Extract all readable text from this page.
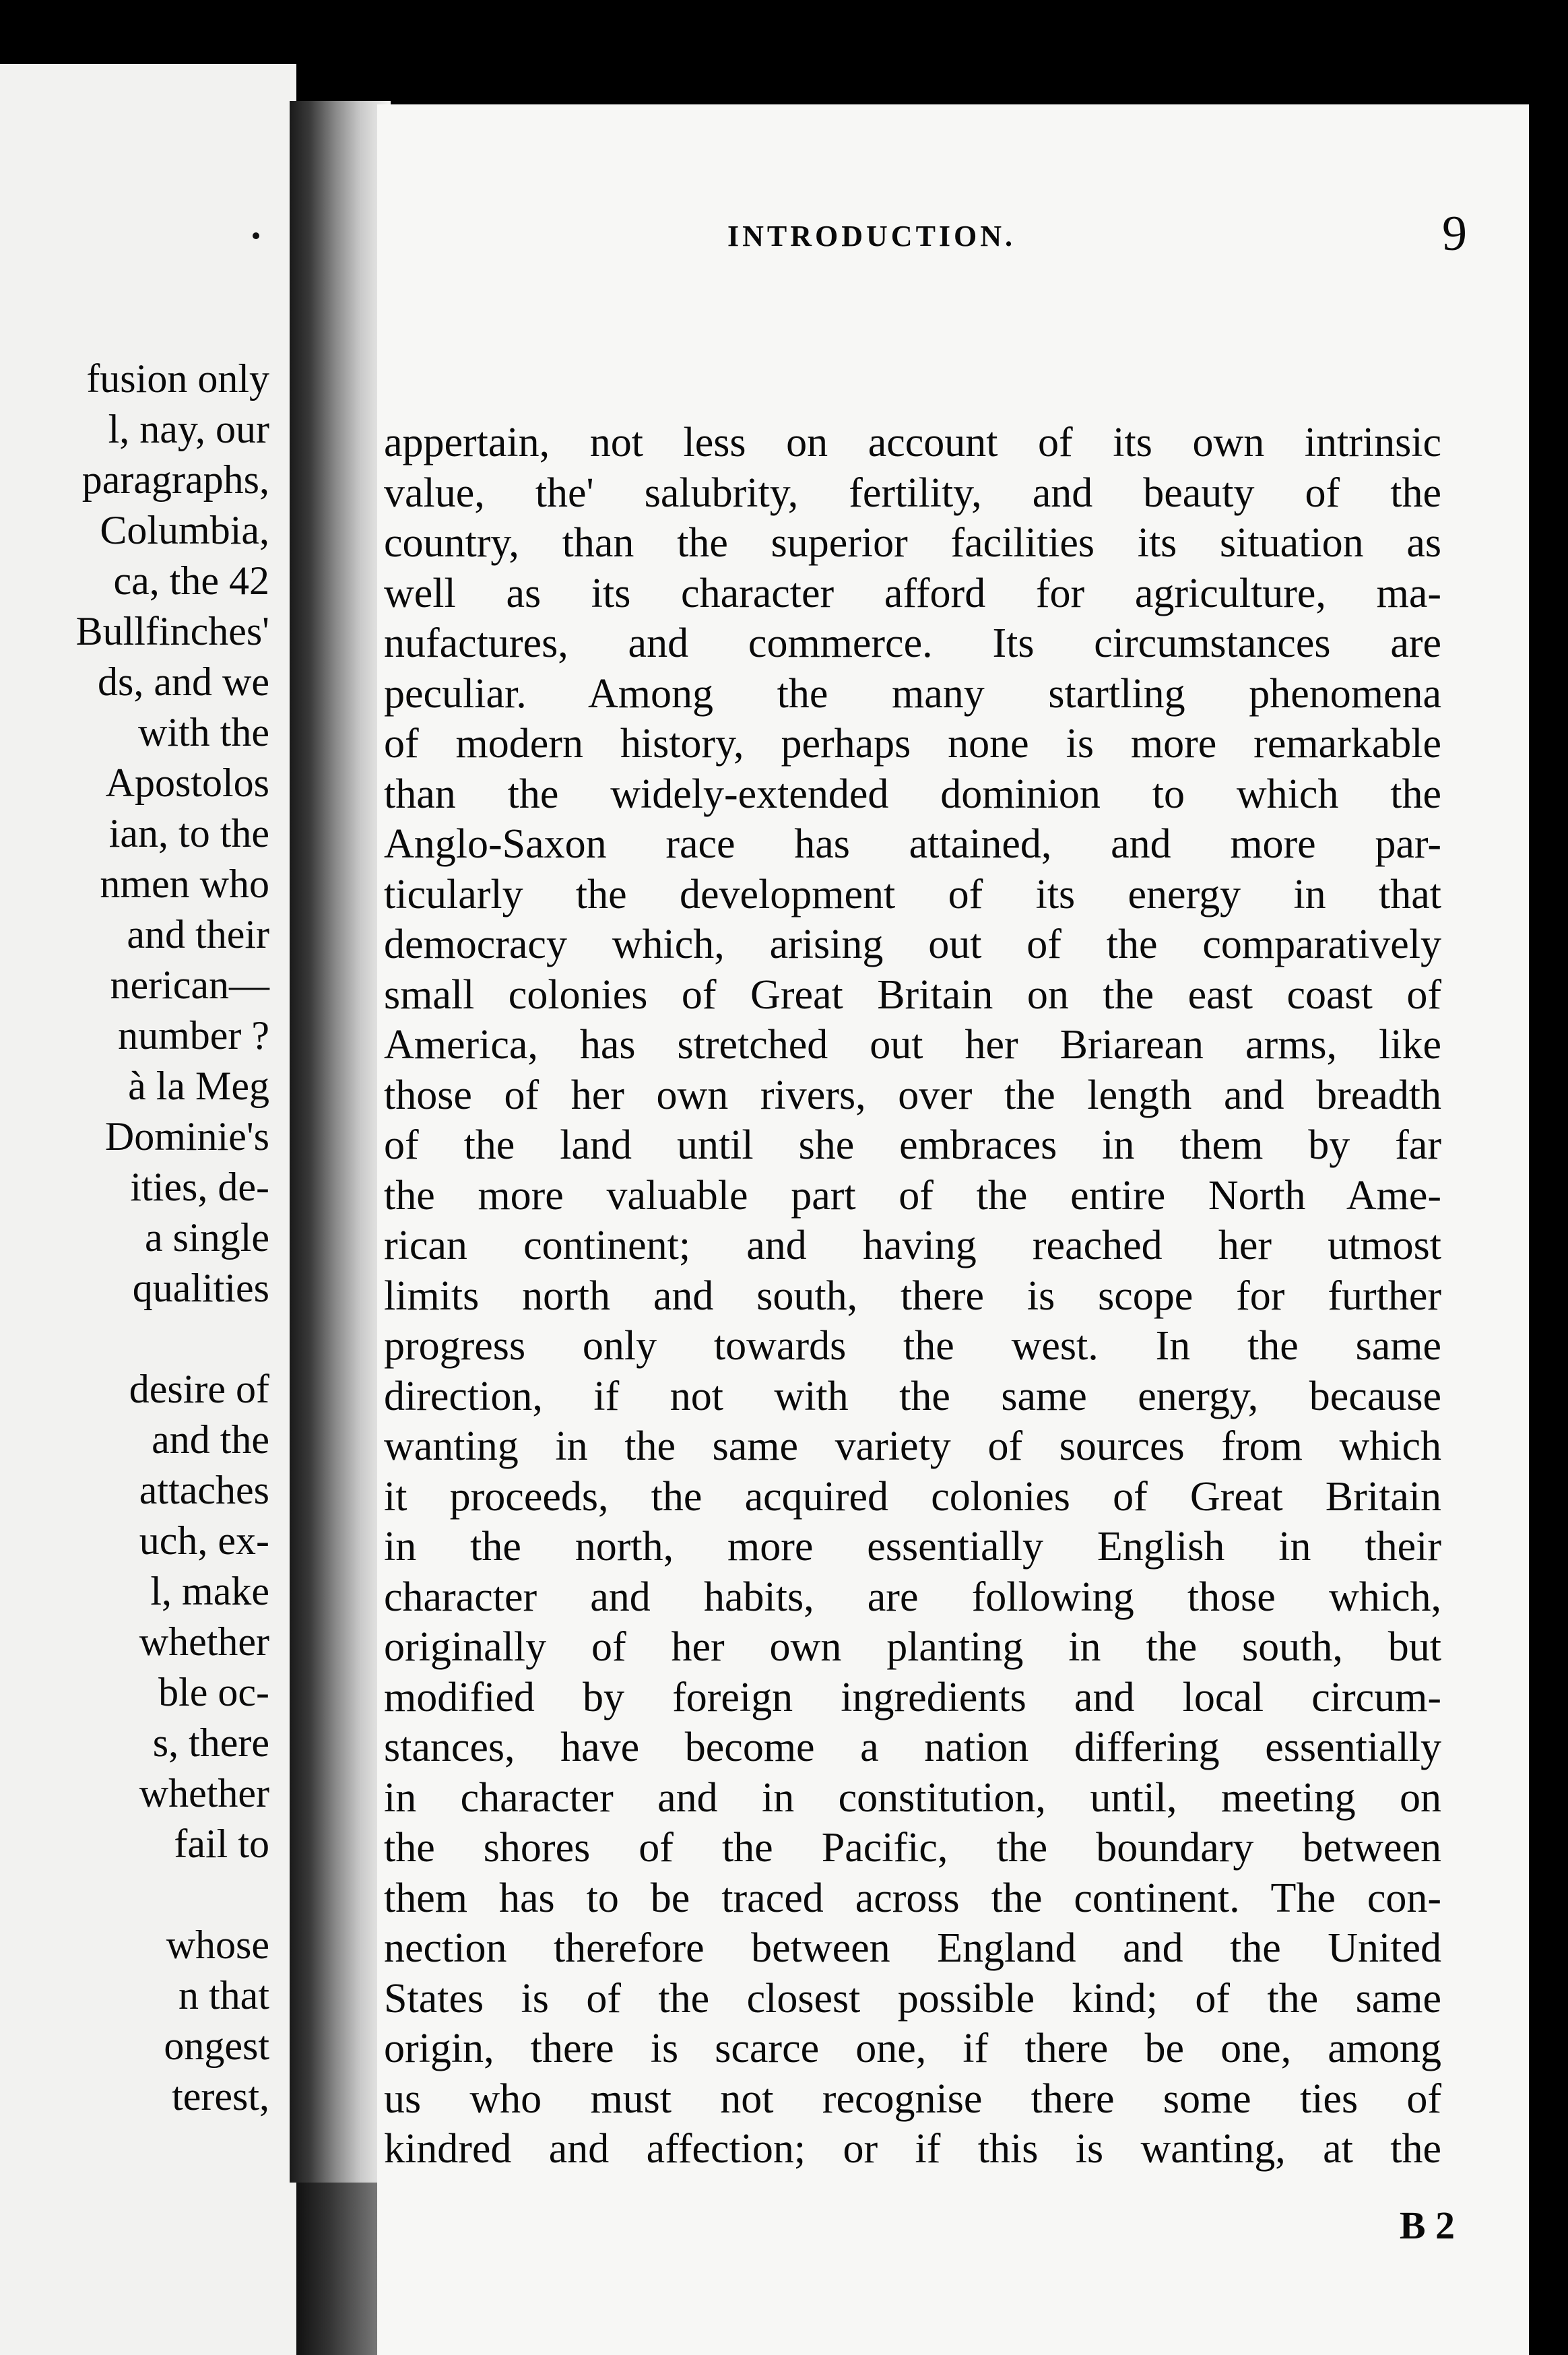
fusion only
l, nay, our
paragraphs,
Columbia,
ca, the 42
Bullfinches'
ds, and we
with the
Apostolos
ian, to the
nmen who
and their
nerican—
number ?
à la Meg
Dominie's
ities, de-
a single
qualities
desire of
and the
attaches
uch, ex-
l, make
whether
ble oc-
s, there
whether
fail to
whose
n that
ongest
terest,
INTRODUCTION.	9
appertain, not less on account of its own intrinsic
value, the' salubrity, fertility, and beauty of the
country, than the superior facilities its situation as
well as its character afford for agriculture, ma-
nufactures, and commerce. Its circumstances are
peculiar. Among the many startling phenomena
of modern history, perhaps none is more remarkable
than the widely-extended dominion to which the
Anglo-Saxon race has attained, and more par-
ticularly the development of its energy in that
democracy which, arising out of the comparatively
small colonies of Great Britain on the east coast of
America, has stretched out her Briarean arms, like
those of her own rivers, over the length and breadth
of the land until she embraces in them by far
the more valuable part of the entire North Ame-
rican continent; and having reached her utmost
limits north and south, there is scope for further
progress only towards the west. In the same
direction, if not with the same energy, because
wanting in the same variety of sources from which
it proceeds, the acquired colonies of Great Britain
in the north, more essentially English in their
character and habits, are following those which,
originally of her own planting in the south, but
modified by foreign ingredients and local circum-
stances, have become a nation differing essentially
in character and in constitution, until, meeting on
the shores of the Pacific, the boundary between
them has to be traced across the continent. The con-
nection therefore between England and the United
States is of the closest possible kind; of the same
origin, there is scarce one, if there be one, among
us who must not recognise there some ties of
kindred and affection; or if this is wanting, at the
B 2
